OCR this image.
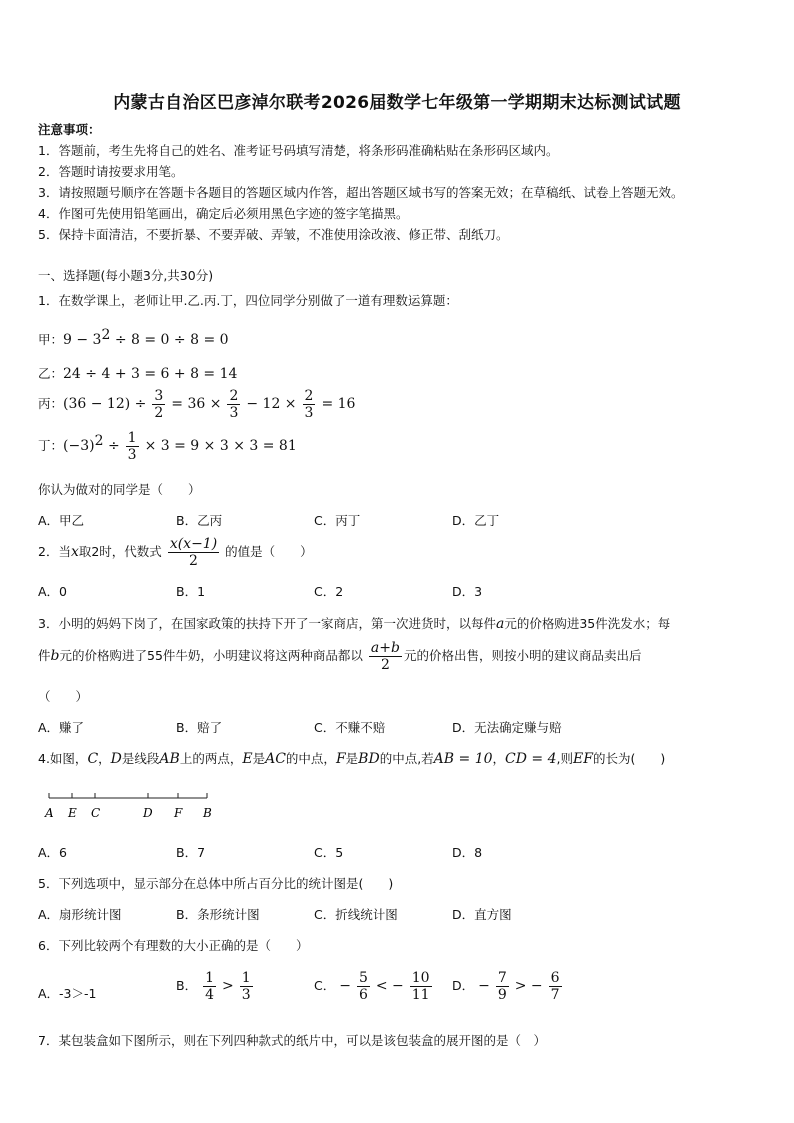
内蒙古自治区巴彦淖尔联考2026届数学七年级第一学期期末达标测试试题
注意事项：
1．答题前，考生先将自己的姓名、准考证号码填写清楚，将条形码准确粘贴在条形码区域内。
2．答题时请按要求用笔。
3．请按照题号顺序在答题卡各题目的答题区域内作答，超出答题区域书写的答案无效；在草稿纸、试卷上答题无效。
4．作图可先使用铅笔画出，确定后必须用黑色字迹的签字笔描黑。
5．保持卡面清洁，不要折暴、不要弄破、弄皱，不准使用涂改液、修正带、刮纸刀。
一、选择题(每小题3分,共30分)
1．在数学课上，老师让甲.乙.丙.丁，四位同学分别做了一道有理数运算题：
甲：$9 - 3^2 \div 8 = 0 \div 8 = 0$
乙：24 ÷ 4 + 3 = 6 + 8 = 14
丙：$(36 - 12) \div \frac{3}{2} = 36 \times \frac{2}{3} - 12 \times \frac{2}{3} = 16$
丁：$(-3)^2 \div \frac{1}{3} \times 3 = 9 \times 3 \times 3 = 81$
你认为做对的同学是（　　）
A．甲乙	B．乙丙	C．丙丁	D．乙丁
2．当x取2时，代数式 $\frac{x(x-1)}{2}$ 的值是（　　）
A．0	B．1	C．2	D．3
3．小明的妈妈下岗了，在国家政策的扶持下开了一家商店，第一次进货时，以每件a元的价格购进35件洗发水；每
件b元的价格购进了55件牛奶，小明建议将这两种商品都以 $\frac{a+b}{2}$ 元的价格出售，则按小明的建议商品卖出后
（　　）
A．赚了	B．赔了	C．不赚不赔	D．无法确定赚与赔
4.如图，C，D是线段AB上的两点，E是AC的中点，F是BD的中点,若AB = 10，CD = 4,则EF的长为(　　)
A E C	D F B
A．6	B．7	C．5	D．8
5．下列选项中，显示部分在总体中所占百分比的统计图是(　　)
A．扇形统计图	B．条形统计图	C．折线统计图	D．直方图
6．下列比较两个有理数的大小正确的是（　　）
A．-3＞-1
B． $\frac{1}{4} > \frac{1}{3}$	C． − $\frac{5}{6}$ < − $\frac{10}{11}$ D． − $\frac{7}{9}$ > − $\frac{6}{7}$
7．某包装盒如下图所示，则在下列四种款式的纸片中，可以是该包装盒的展开图的是（　）
